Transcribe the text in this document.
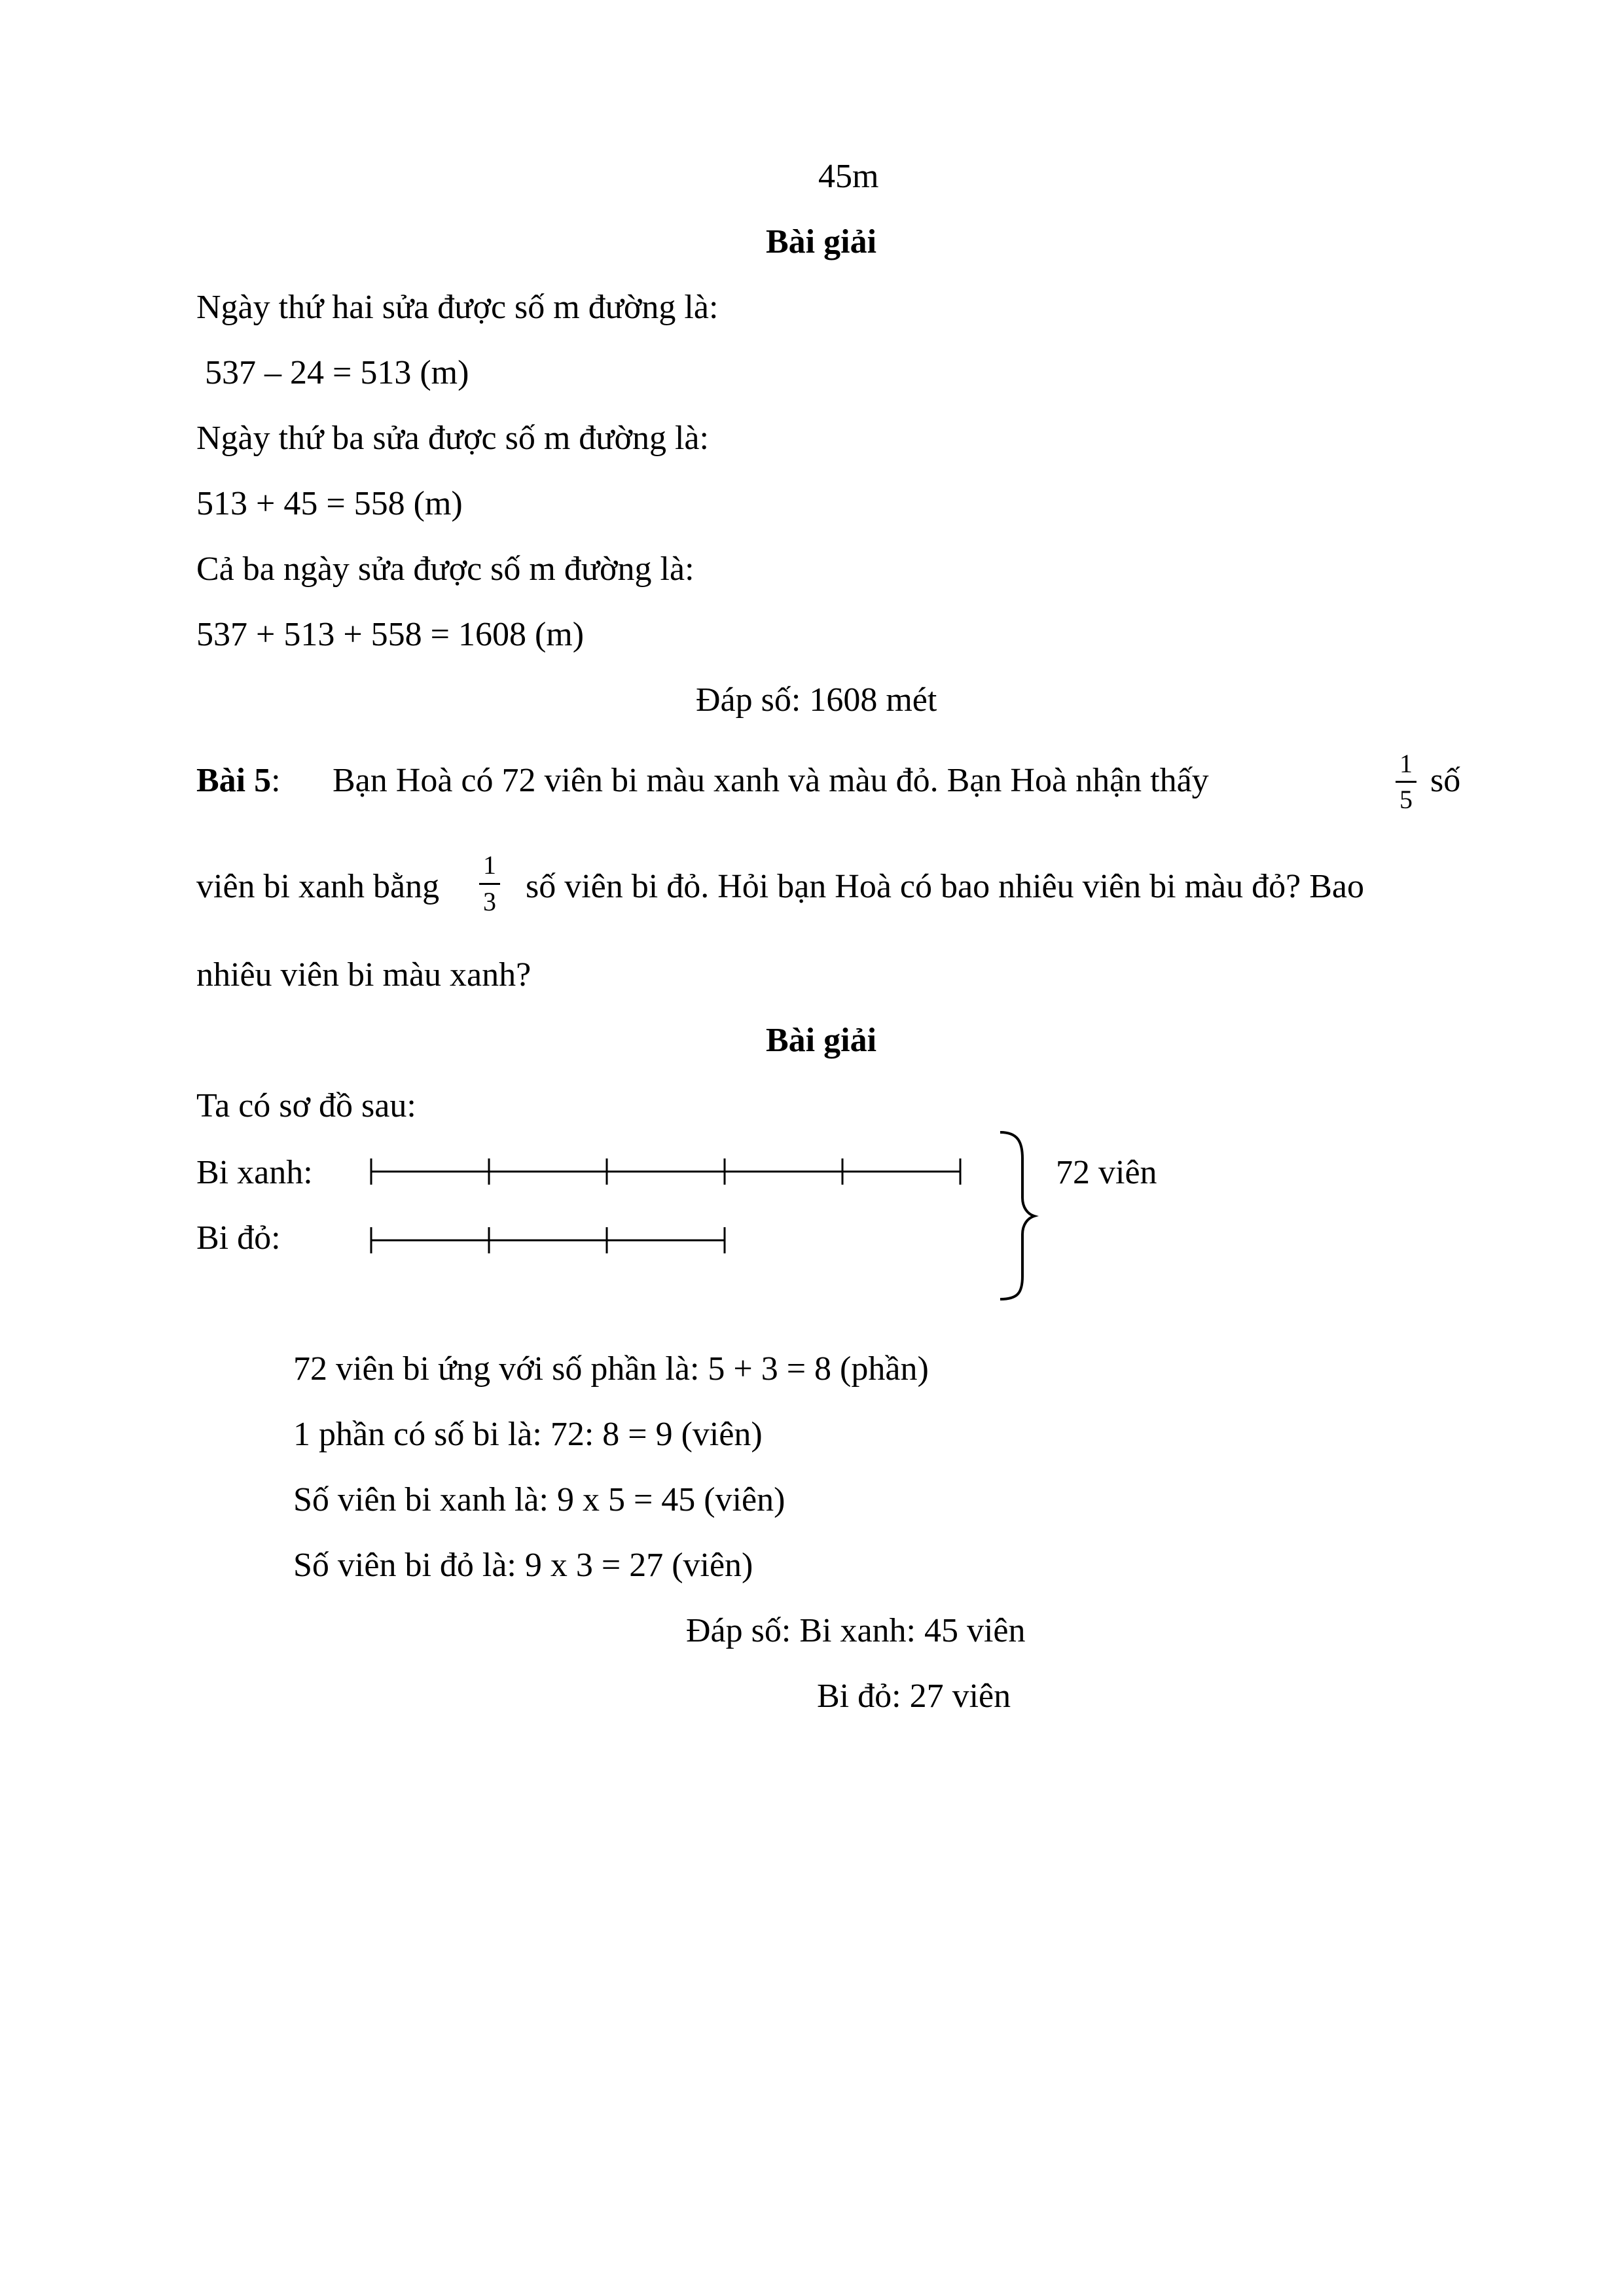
45m
Bài giải
Ngày thứ hai sửa được số m đường là:
537 – 24 = 513 (m)
Ngày thứ ba sửa được số m đường là:
513 + 45 = 558 (m)
Cả ba ngày sửa được số m đường là:
537 + 513 + 558 = 1608 (m)
Đáp số: 1608 mét
Bài 5: Bạn Hoà có 72 viên bi màu xanh và màu đỏ. Bạn Hoà nhận thấy	1
5
số
viên bi xanh bằng
1
3 số viên bi đỏ. Hỏi bạn Hoà có bao nhiêu viên bi màu đỏ? Bao
nhiêu viên bi màu xanh?
Bài giải
Ta có sơ đồ sau:
Bi xanh:
Bi đỏ:
72 viên
72 viên bi ứng với số phần là: 5 + 3 = 8 (phần)
1 phần có số bi là: 72: 8 = 9 (viên)
Số viên bi xanh là: 9 x 5 = 45 (viên)
Số viên bi đỏ là: 9 x 3 = 27 (viên)
Đáp số: Bi xanh: 45 viên
Bi đỏ: 27 viên
